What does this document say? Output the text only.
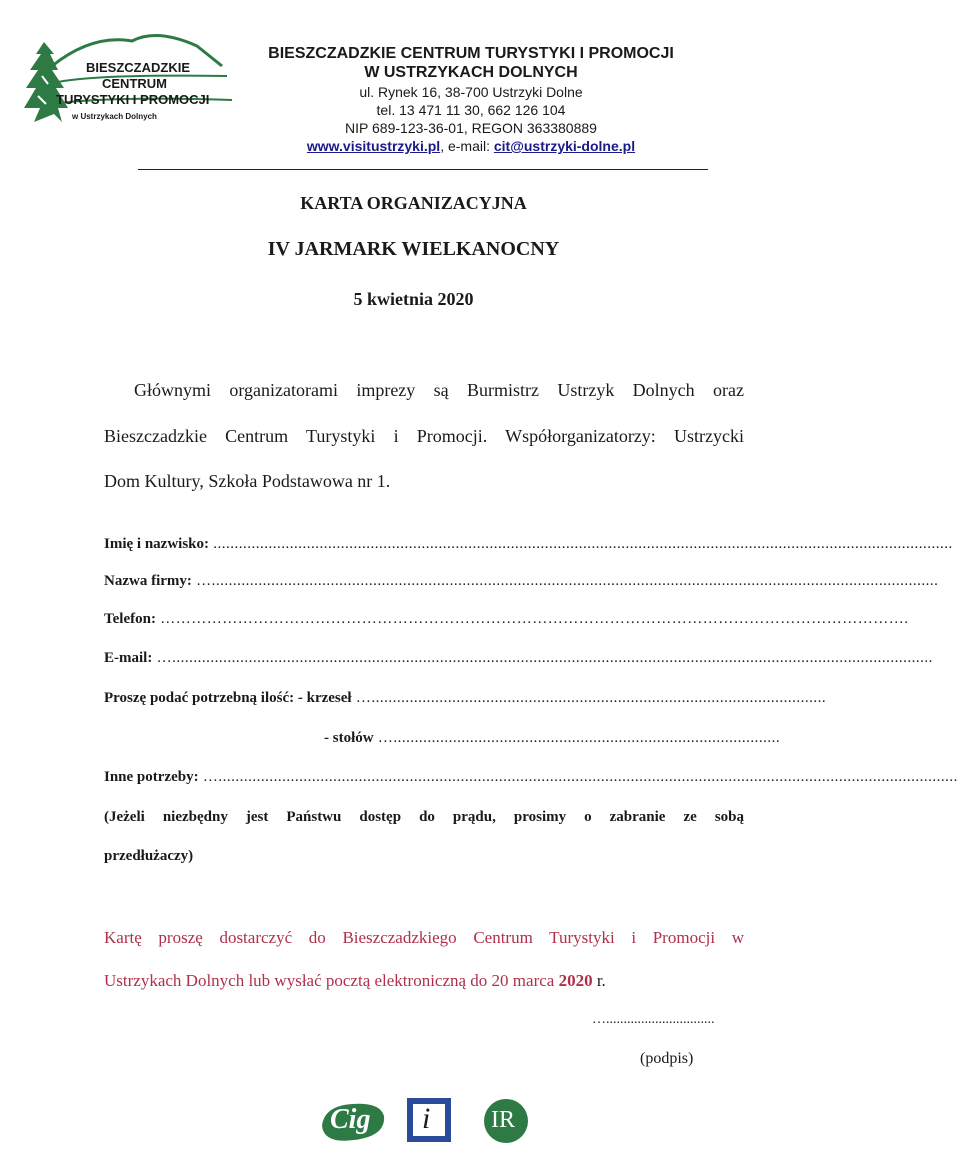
BIESZCZADZKIE
CENTRUM
TURYSTYKI I PROMOCJI
w Ustrzykach Dolnych
BIESZCZADZKIE CENTRUM TURYSTYKI I PROMOCJI
W USTRZYKACH DOLNYCH
ul. Rynek 16, 38-700 Ustrzyki Dolne
tel. 13 471 11 30, 662 126 104
NIP 689-123-36-01, REGON 363380889
www.visitustrzyki.pl, e-mail: cit@ustrzyki-dolne.pl
KARTA ORGANIZACYJNA
IV JARMARK WIELKANOCNY
5 kwietnia 2020
Głównymi organizatorami imprezy są Burmistrz Ustrzyk Dolnych oraz
Bieszczadzkie Centrum Turystyki i Promocji. Współorganizatorzy: Ustrzycki
Dom Kultury, Szkoła Podstawowa nr 1.
Imię i nazwisko: ..............................................................................................................................................................................
Nazwa firmy: …...........................................................................................................................................................................
Telefon: ……………………………………………………………………………………………………………………………….
E-mail: …...................................................................................................................................................................................
Proszę podać potrzebną ilość: - krzeseł …...........................................................................................................
- stołów …...........................................................................................
Inne potrzeby: …..............................................................................................................................................................................
(Jeżeli niezbędny jest Państwu dostęp do prądu, prosimy o zabranie ze sobą
przedłużaczy)
Kartę proszę dostarczyć do Bieszczadzkiego Centrum Turystyki i Promocji w
Ustrzykach Dolnych lub wysłać pocztą elektroniczną do 20 marca 2020 r.
…...............................
(podpis)
Cig i	IR
